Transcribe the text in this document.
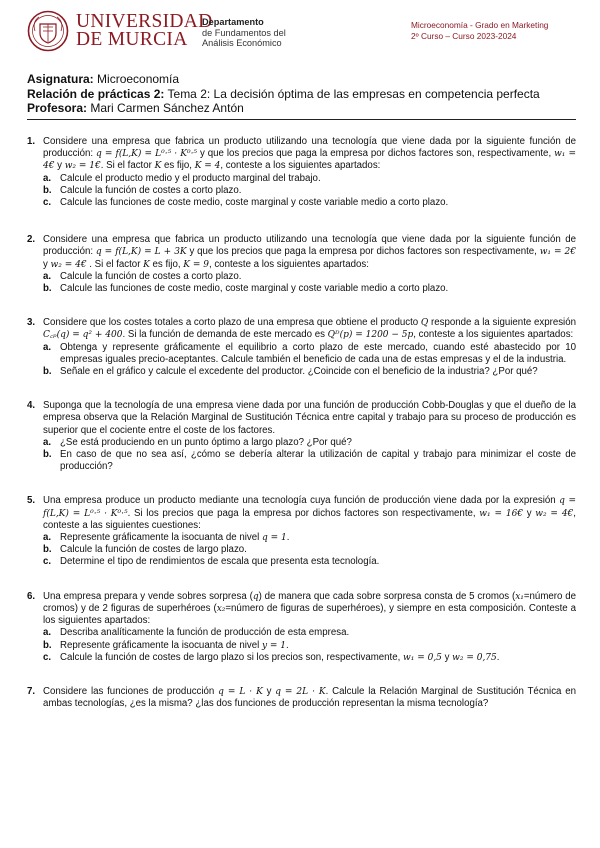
UNIVERSIDAD
DE MURCIA
Departamento
de Fundamentos del
Análisis Económico
Microeconomía - Grado en Marketing
2º Curso – Curso 2023-2024
Asignatura: Microeconomía
Relación de prácticas 2: Tema 2: La decisión óptima de las empresas en competencia perfecta
Profesora: Mari Carmen Sánchez Antón
1. Considere una empresa que fabrica un producto utilizando una tecnología que viene dada por la siguiente función de producción: q = f(L,K) = L⁰·⁵ · K⁰·⁵ y que los precios que paga la empresa por dichos factores son, respectivamente, w₁ = 4€ y w₂ = 1€. Si el factor K es fijo, K = 4, conteste a los siguientes apartados:
a. Calcule el producto medio y el producto marginal del trabajo.
b. Calcule la función de costes a corto plazo.
c. Calcule las funciones de coste medio, coste marginal y coste variable medio a corto plazo.
2. Considere una empresa que fabrica un producto utilizando una tecnología que viene dada por la siguiente función de producción: q = f(L,K) = L + 3K y que los precios que paga la empresa por dichos factores son respectivamente, w₁ = 2€ y w₂ = 4€ . Si el factor K es fijo, K = 9, conteste a los siguientes apartados:
a. Calcule la función de costes a corto plazo.
b. Calcule las funciones de coste medio, coste marginal y coste variable medio a corto plazo.
3. Considere que los costes totales a corto plazo de una empresa que obtiene el producto Q responde a la siguiente expresión C꜀ₚ(q) = q² + 400. Si la función de demanda de este mercado es Qᴰ(p) = 1200 − 5p, conteste a los siguientes apartados:
a. Obtenga y represente gráficamente el equilibrio a corto plazo de este mercado, cuando esté abastecido por 10 empresas iguales precio-aceptantes. Calcule también el beneficio de cada una de estas empresas y el de la industria.
b. Señale en el gráfico y calcule el excedente del productor. ¿Coincide con el beneficio de la industria? ¿Por qué?
4. Suponga que la tecnología de una empresa viene dada por una función de producción Cobb-Douglas y que el dueño de la empresa observa que la Relación Marginal de Sustitución Técnica entre capital y trabajo para su proceso de producción es superior que el cociente entre el coste de los factores.
a. ¿Se está produciendo en un punto óptimo a largo plazo? ¿Por qué?
b. En caso de que no sea así, ¿cómo se debería alterar la utilización de capital y trabajo para minimizar el coste de producción?
5. Una empresa produce un producto mediante una tecnología cuya función de producción viene dada por la expresión q = f(L,K) = L⁰·⁵ · K⁰·⁵. Si los precios que paga la empresa por dichos factores son respectivamente, w₁ = 16€ y w₂ = 4€, conteste a las siguientes cuestiones:
a. Represente gráficamente la isocuanta de nivel q = 1.
b. Calcule la función de costes de largo plazo.
c. Determine el tipo de rendimientos de escala que presenta esta tecnología.
6. Una empresa prepara y vende sobres sorpresa (q) de manera que cada sobre sorpresa consta de 5 cromos (x₁=número de cromos) y de 2 figuras de superhéroes (x₂=número de figuras de superhéroes), y siempre en esta composición. Conteste a los siguientes apartados:
a. Describa analíticamente la función de producción de esta empresa.
b. Represente gráficamente la isocuanta de nivel y = 1.
c. Calcule la función de costes de largo plazo si los precios son, respectivamente, w₁ = 0,5 y w₂ = 0,75.
7. Considere las funciones de producción q = L · K y q = 2L · K. Calcule la Relación Marginal de Sustitución Técnica en ambas tecnologías, ¿es la misma? ¿las dos funciones de producción representan la misma tecnología?
